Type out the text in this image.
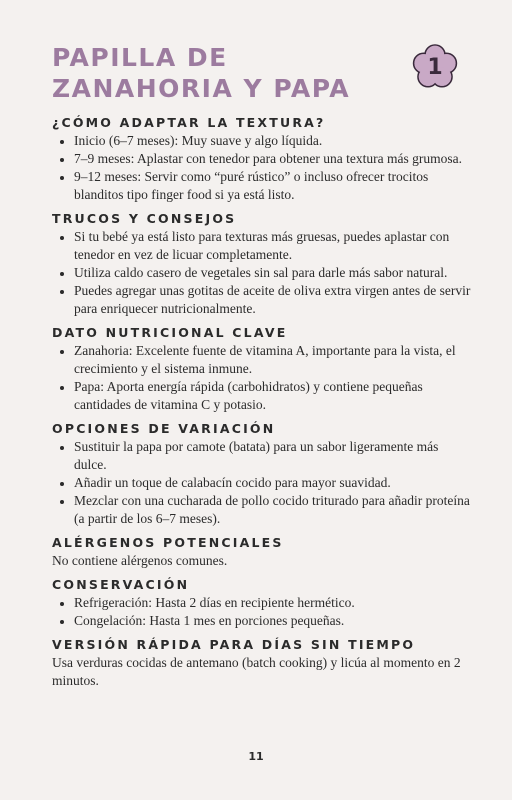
PAPILLA DE ZANAHORIA Y PAPA
1
¿CÓMO ADAPTAR LA TEXTURA?
• Inicio (6–7 meses): Muy suave y algo líquida.
• 7–9 meses: Aplastar con tenedor para obtener una textura más grumosa.
• 9–12 meses: Servir como “puré rústico” o incluso ofrecer trocitos blanditos tipo finger food si ya está listo.
TRUCOS Y CONSEJOS
• Si tu bebé ya está listo para texturas más gruesas, puedes aplastar con tenedor en vez de licuar completamente.
• Utiliza caldo casero de vegetales sin sal para darle más sabor natural.
• Puedes agregar unas gotitas de aceite de oliva extra virgen antes de servir para enriquecer nutricionalmente.
DATO NUTRICIONAL CLAVE
• Zanahoria: Excelente fuente de vitamina A, importante para la vista, el crecimiento y el sistema inmune.
• Papa: Aporta energía rápida (carbohidratos) y contiene pequeñas cantidades de vitamina C y potasio.
OPCIONES DE VARIACIÓN
• Sustituir la papa por camote (batata) para un sabor ligeramente más dulce.
• Añadir un toque de calabacín cocido para mayor suavidad.
• Mezclar con una cucharada de pollo cocido triturado para añadir proteína (a partir de los 6–7 meses).
ALÉRGENOS POTENCIALES

No contiene alérgenos comunes.

CONSERVACIÓN
• Refrigeración: Hasta 2 días en recipiente hermético.
• Congelación: Hasta 1 mes en porciones pequeñas.
VERSIÓN RÁPIDA PARA DÍAS SIN TIEMPO

Usa verduras cocidas de antemano (batch cooking) y licúa al momento en 2 minutos.

11
